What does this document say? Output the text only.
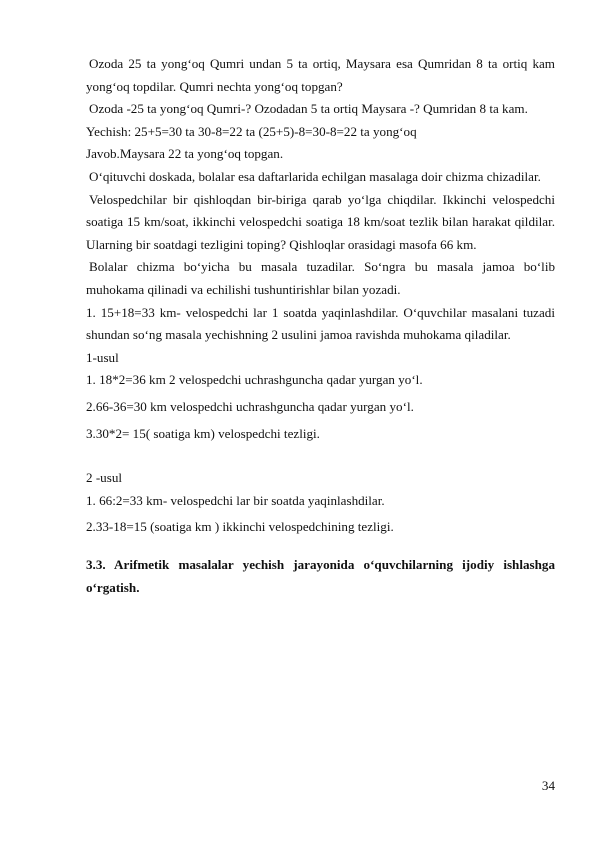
Ozoda 25 ta yong‘oq Qumri undan 5 ta ortiq, Maysara esa Qumridan 8 ta ortiq kam yong‘oq topdilar. Qumri nechta yong‘oq topgan?

Ozoda -25 ta yong‘oq Qumri-? Ozodadan 5 ta ortiq Maysara -? Qumridan 8 ta kam.

Yechish: 25+5=30 ta 30-8=22 ta (25+5)-8=30-8=22 ta yong‘oq

Javob.Maysara 22 ta yong‘oq topgan.

O‘qituvchi doskada, bolalar esa daftarlarida echilgan masalaga doir chizma chizadilar.

Velospedchilar bir qishloqdan bir-biriga qarab yo‘lga chiqdilar. Ikkinchi velospedchi soatiga 15 km/soat, ikkinchi velospedchi soatiga 18 km/soat tezlik bilan harakat qildilar. Ularning bir soatdagi tezligini toping? Qishloqlar orasidagi masofa 66 km.

Bolalar chizma bo‘yicha bu masala tuzadilar. So‘ngra bu masala jamoa bo‘lib muhokama qilinadi va echilishi tushuntirishlar bilan yozadi.

1. 15+18=33 km- velospedchi lar 1 soatda yaqinlashdilar. O‘quvchilar masalani tuzadi shundan so‘ng masala yechishning 2 usulini jamoa ravishda muhokama qiladilar.

1-usul

1. 18*2=36 km 2 velospedchi uchrashguncha qadar yurgan yo‘l.

2.66-36=30 km velospedchi uchrashguncha qadar yurgan yo‘l.

3.30*2= 15( soatiga km) velospedchi tezligi.

2 -usul

1. 66:2=33 km- velospedchi lar bir soatda yaqinlashdilar.

2.33-18=15 (soatiga km ) ikkinchi velospedchining tezligi.

3.3. Arifmetik masalalar yechish jarayonida o‘quvchilarning ijodiy ishlashga o‘rgatish.

34
